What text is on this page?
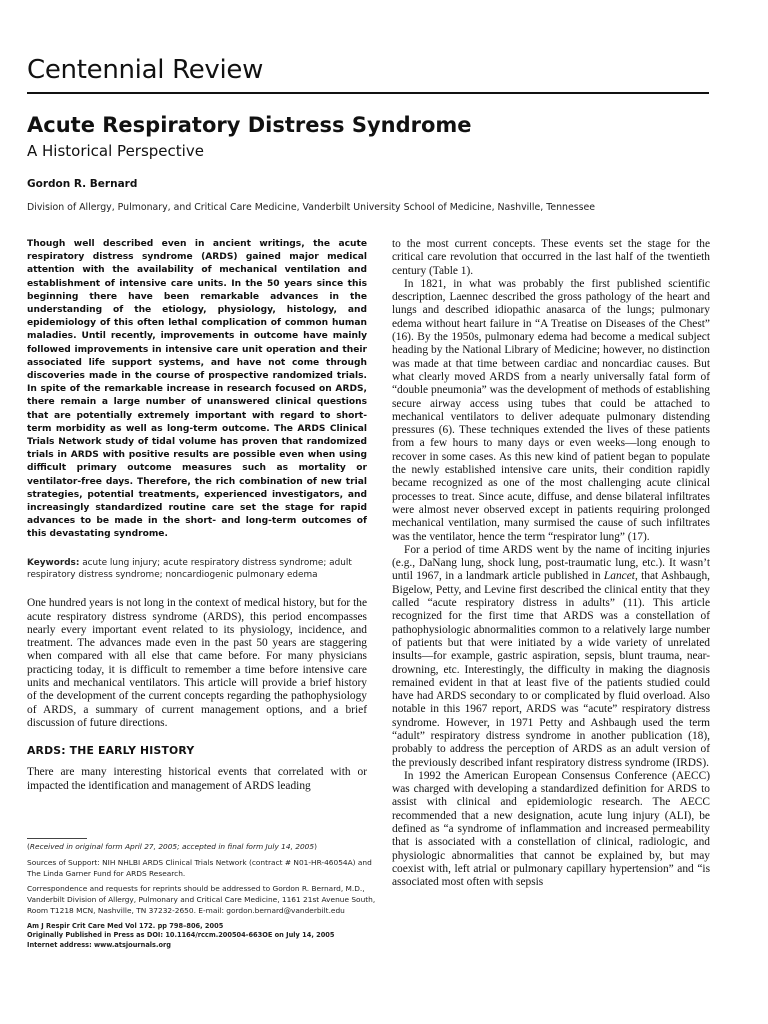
Centennial Review
Acute Respiratory Distress Syndrome
A Historical Perspective
Gordon R. Bernard
Division of Allergy, Pulmonary, and Critical Care Medicine, Vanderbilt University School of Medicine, Nashville, Tennessee

Though well described even in ancient writings, the acute respiratory distress syndrome (ARDS) gained major medical attention with the availability of mechanical ventilation and establishment of intensive care units. In the 50 years since this beginning there have been remarkable advances in the understanding of the etiology, physiology, histology, and epidemiology of this often lethal complication of common human maladies. Until recently, improvements in outcome have mainly followed improvements in intensive care unit operation and their associated life support systems, and have not come through discoveries made in the course of prospective randomized trials. In spite of the remarkable increase in research focused on ARDS, there remain a large number of unanswered clinical questions that are potentially extremely important with regard to short-term morbidity as well as long-term outcome. The ARDS Clinical Trials Network study of tidal volume has proven that randomized trials in ARDS with positive results are possible even when using difficult primary outcome measures such as mortality or ventilator-free days. Therefore, the rich combination of new trial strategies, potential treatments, experienced investigators, and increasingly standardized routine care set the stage for rapid advances to be made in the short- and long-term outcomes of this devastating syndrome.

Keywords: acute lung injury; acute respiratory distress syndrome; adult respiratory distress syndrome; noncardiogenic pulmonary edema

One hundred years is not long in the context of medical history, but for the acute respiratory distress syndrome (ARDS), this period encompasses nearly every important event related to its physiology, incidence, and treatment. The advances made even in the past 50 years are staggering when compared with all else that came before. For many physicians practicing today, it is difficult to remember a time before intensive care units and mechanical ventilators. This article will provide a brief history of the development of the current concepts regarding the pathophysiology of ARDS, a summary of current management options, and a brief discussion of future directions.

ARDS: THE EARLY HISTORY

There are many interesting historical events that correlated with or impacted the identification and management of ARDS leading

to the most current concepts. These events set the stage for the critical care revolution that occurred in the last half of the twentieth century (Table 1).

In 1821, in what was probably the first published scientific description, Laennec described the gross pathology of the heart and lungs and described idiopathic anasarca of the lungs; pulmonary edema without heart failure in “A Treatise on Diseases of the Chest” (16). By the 1950s, pulmonary edema had become a medical subject heading by the National Library of Medicine; however, no distinction was made at that time between cardiac and noncardiac causes. But what clearly moved ARDS from a nearly universally fatal form of “double pneumonia” was the development of methods of establishing secure airway access using tubes that could be attached to mechanical ventilators to deliver adequate pulmonary distending pressures (6). These techniques extended the lives of these patients from a few hours to many days or even weeks—long enough to recover in some cases. As this new kind of patient began to populate the newly established intensive care units, their condition rapidly became recognized as one of the most challenging acute clinical processes to treat. Since acute, diffuse, and dense bilateral infiltrates were almost never observed except in patients requiring prolonged mechanical ventilation, many surmised the cause of such infiltrates was the ventilator, hence the term “respirator lung” (17).

For a period of time ARDS went by the name of inciting injuries (e.g., DaNang lung, shock lung, post-traumatic lung, etc.). It wasn’t until 1967, in a landmark article published in Lancet, that Ashbaugh, Bigelow, Petty, and Levine first described the clinical entity that they called “acute respiratory distress in adults” (11). This article recognized for the first time that ARDS was a constellation of pathophysiologic abnormalities common to a relatively large number of patients but that were initiated by a wide variety of unrelated insults—for example, gastric aspiration, sepsis, blunt trauma, near-drowning, etc. Interestingly, the difficulty in making the diagnosis remained evident in that at least five of the patients studied could have had ARDS secondary to or complicated by fluid overload. Also notable in this 1967 report, ARDS was “acute” respiratory distress syndrome. However, in 1971 Petty and Ashbaugh used the term “adult” respiratory distress syndrome in another publication (18), probably to address the perception of ARDS as an adult version of the previously described infant respiratory distress syndrome (IRDS).

In 1992 the American European Consensus Conference (AECC) was charged with developing a standardized definition for ARDS to assist with clinical and epidemiologic research. The AECC recommended that a new designation, acute lung injury (ALI), be defined as “a syndrome of inflammation and increased permeability that is associated with a constellation of clinical, radiologic, and physiologic abnormalities that cannot be explained by, but may coexist with, left atrial or pulmonary capillary hypertension” and “is associated most often with sepsis

(Received in original form April 27, 2005; accepted in final form July 14, 2005)

Sources of Support: NIH NHLBI ARDS Clinical Trials Network (contract # N01-HR-46054A) and The Linda Garner Fund for ARDS Research.

Correspondence and requests for reprints should be addressed to Gordon R. Bernard, M.D., Vanderbilt Division of Allergy, Pulmonary and Critical Care Medicine, 1161 21st Avenue South, Room T1218 MCN, Nashville, TN 37232-2650. E-mail: gordon.bernard@vanderbilt.edu

Am J Respir Crit Care Med Vol 172. pp 798–806, 2005
Originally Published in Press as DOI: 10.1164/rccm.200504-663OE on July 14, 2005
Internet address: www.atsjournals.org
